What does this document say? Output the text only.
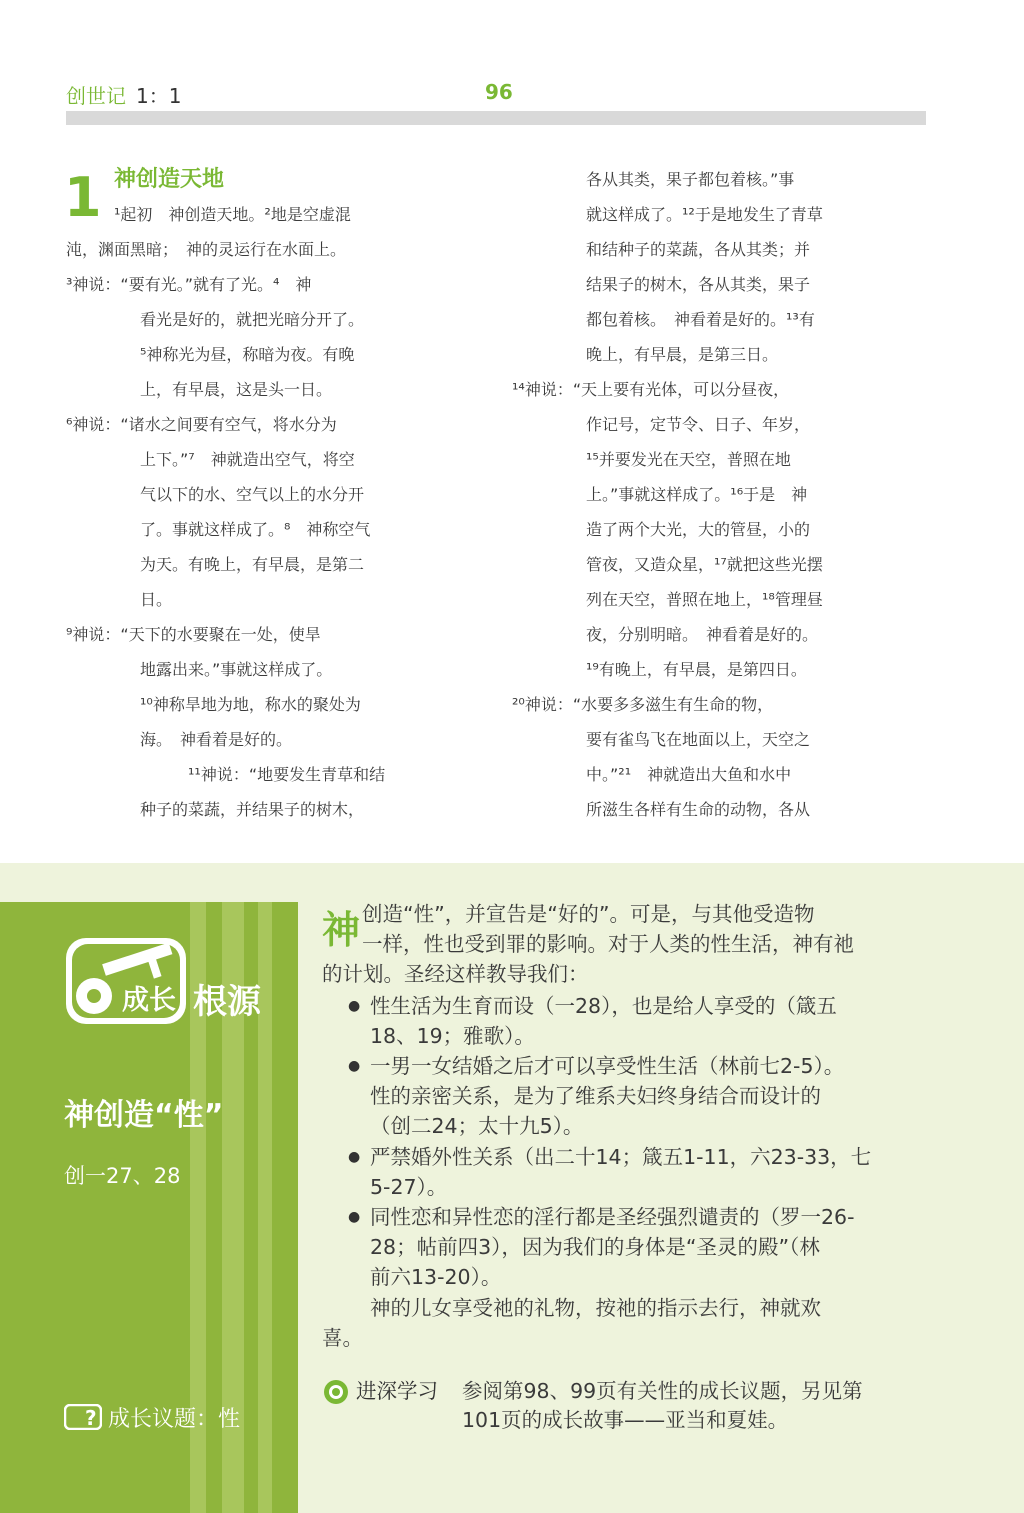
创世记 1：1	96
1 神创造天地
¹起初　神创造天地。²地是空虚混
沌，渊面黑暗；　神的灵运行在水面上。
³神说：“要有光。”就有了光。⁴　神
看光是好的，就把光暗分开了。
⁵神称光为昼，称暗为夜。有晚
上，有早晨，这是头一日。
⁶神说：“诸水之间要有空气，将水分为
上下。”⁷　神就造出空气，将空
气以下的水、空气以上的水分开
了。事就这样成了。⁸　神称空气
为天。有晚上，有早晨，是第二
日。
⁹神说：“天下的水要聚在一处，使旱
地露出来。”事就这样成了。
¹⁰神称旱地为地，称水的聚处为
海。　神看着是好的。
¹¹神说：“地要发生青草和结
种子的菜蔬，并结果子的树木，
各从其类，果子都包着核。”事
就这样成了。¹²于是地发生了青草
和结种子的菜蔬，各从其类；并
结果子的树木，各从其类，果子
都包着核。　神看着是好的。¹³有
晚上，有早晨，是第三日。
¹⁴神说：“天上要有光体，可以分昼夜，
作记号，定节令、日子、年岁，
¹⁵并要发光在天空，普照在地
上。”事就这样成了。¹⁶于是　神
造了两个大光，大的管昼，小的
管夜，又造众星，¹⁷就把这些光摆
列在天空，普照在地上，¹⁸管理昼
夜，分别明暗。　神看着是好的。
¹⁹有晚上，有早晨，是第四日。
²⁰神说：“水要多多滋生有生命的物，
要有雀鸟飞在地面以上，天空之
中。”²¹　神就造出大鱼和水中
所滋生各样有生命的动物，各从
成长 根源
神创造“性”
创一27、28
? 成长议题：性
神 创造“性”，并宣告是“好的”。可是，与其他受造物
一样，性也受到罪的影响。对于人类的性生活，神有祂
的计划。圣经这样教导我们：
● 性生活为生育而设（一28），也是给人享受的（箴五
18、19；雅歌）。
● 一男一女结婚之后才可以享受性生活（林前七2-5）。
性的亲密关系，是为了维系夫妇终身结合而设计的
（创二24；太十九5）。
● 严禁婚外性关系（出二十14；箴五1-11，六23-33，七
5-27）。
● 同性恋和异性恋的淫行都是圣经强烈谴责的（罗一26-
28；帖前四3），因为我们的身体是“圣灵的殿”（林
前六13-20）。
神的儿女享受祂的礼物，按祂的指示去行，神就欢
喜。
进深学习 参阅第98、99页有关性的成长议题，另见第
101页的成长故事——亚当和夏娃。
